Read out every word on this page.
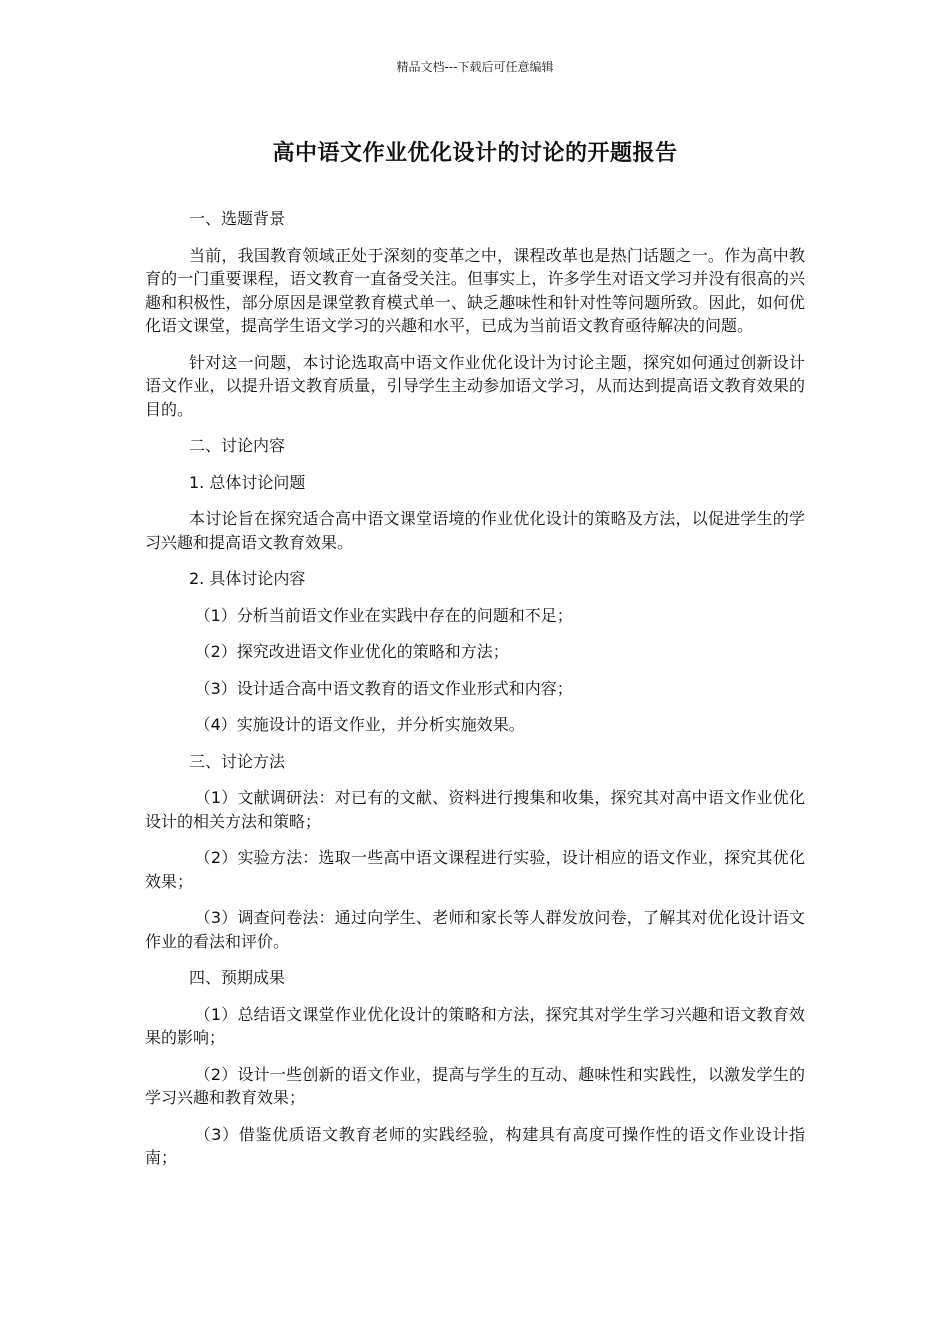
精品文档---下载后可任意编辑
高中语文作业优化设计的讨论的开题报告
一、选题背景
当前，我国教育领域正处于深刻的变革之中，课程改革也是热门话题之一。作为高中教育的一门重要课程，语文教育一直备受关注。但事实上，许多学生对语文学习并没有很高的兴趣和积极性，部分原因是课堂教育模式单一、缺乏趣味性和针对性等问题所致。因此，如何优化语文课堂，提高学生语文学习的兴趣和水平，已成为当前语文教育亟待解决的问题。
针对这一问题，本讨论选取高中语文作业优化设计为讨论主题，探究如何通过创新设计语文作业，以提升语文教育质量，引导学生主动参加语文学习，从而达到提高语文教育效果的目的。
二、讨论内容
1. 总体讨论问题
本讨论旨在探究适合高中语文课堂语境的作业优化设计的策略及方法，以促进学生的学习兴趣和提高语文教育效果。
2. 具体讨论内容
（1）分析当前语文作业在实践中存在的问题和不足；
（2）探究改进语文作业优化的策略和方法；
（3）设计适合高中语文教育的语文作业形式和内容；
（4）实施设计的语文作业，并分析实施效果。
三、讨论方法
（1）文献调研法：对已有的文献、资料进行搜集和收集，探究其对高中语文作业优化设计的相关方法和策略；
（2）实验方法：选取一些高中语文课程进行实验，设计相应的语文作业，探究其优化效果；
（3）调查问卷法：通过向学生、老师和家长等人群发放问卷，了解其对优化设计语文作业的看法和评价。
四、预期成果
（1）总结语文课堂作业优化设计的策略和方法，探究其对学生学习兴趣和语文教育效果的影响；
（2）设计一些创新的语文作业，提高与学生的互动、趣味性和实践性，以激发学生的学习兴趣和教育效果；
（3）借鉴优质语文教育老师的实践经验，构建具有高度可操作性的语文作业设计指南；
